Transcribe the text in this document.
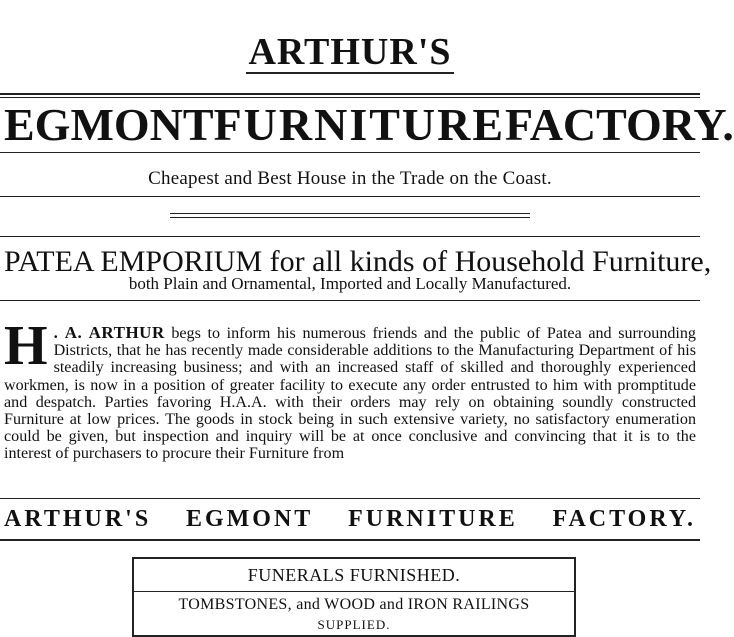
ARTHUR'S
EGMONT FURNITURE FACTORY.
Cheapest and Best House in the Trade on the Coast.
PATEA EMPORIUM for all kinds of Household Furniture,
both Plain and Ornamental, Imported and Locally Manufactured.
H . A. ARTHUR begs to inform his numerous friends and the public of Patea and surrounding Districts, that he has recently made considerable additions to the Manufacturing Department of his steadily increasing business; and with an increased staff of skilled and thoroughly experienced workmen, is now in a position of greater facility to execute any order entrusted to him with promptitude and despatch. Parties favoring H.A.A. with their orders may rely on obtaining soundly constructed Furniture at low prices. The goods in stock being in such extensive variety, no satisfactory enumeration could be given, but inspection and inquiry will be at once conclusive and convincing that it is to the interest of purchasers to procure their Furniture from
ARTHUR'S EGMONT FURNITURE FACTORY.
FUNERALS FURNISHED.
TOMBSTONES, and WOOD and IRON RAILINGS
SUPPLIED.
